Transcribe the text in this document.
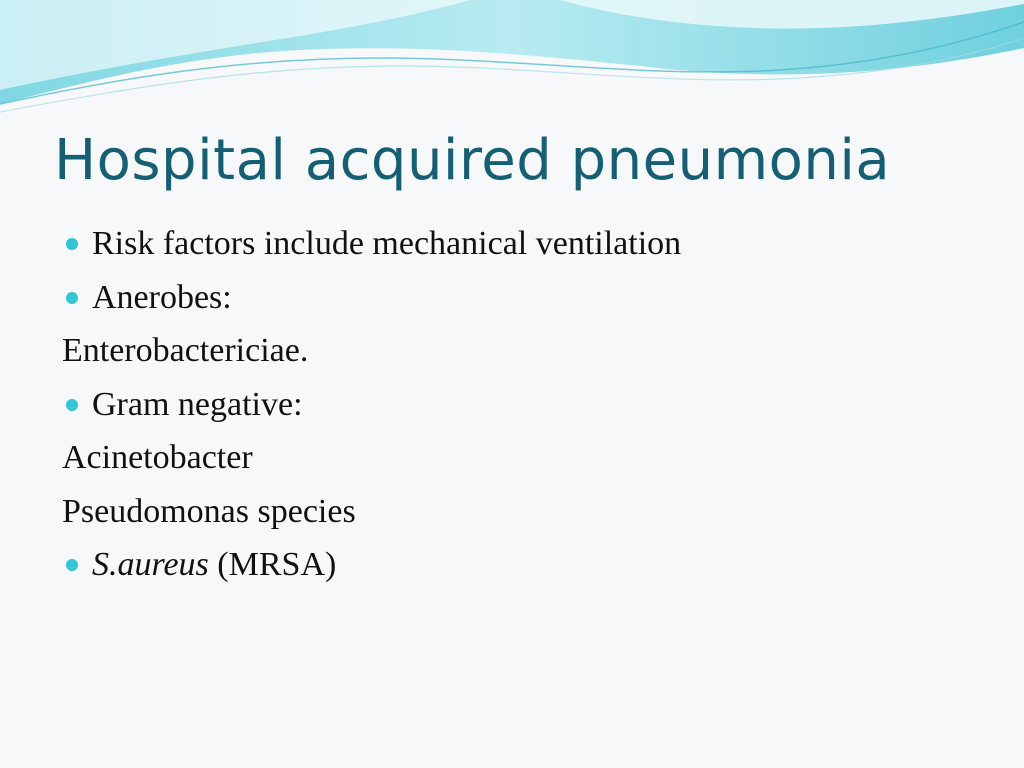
Hospital acquired pneumonia
Risk factors include mechanical ventilation
Anerobes:
Enterobactericiae.
Gram negative:
Acinetobacter
Pseudomonas species
S.aureus (MRSA)
